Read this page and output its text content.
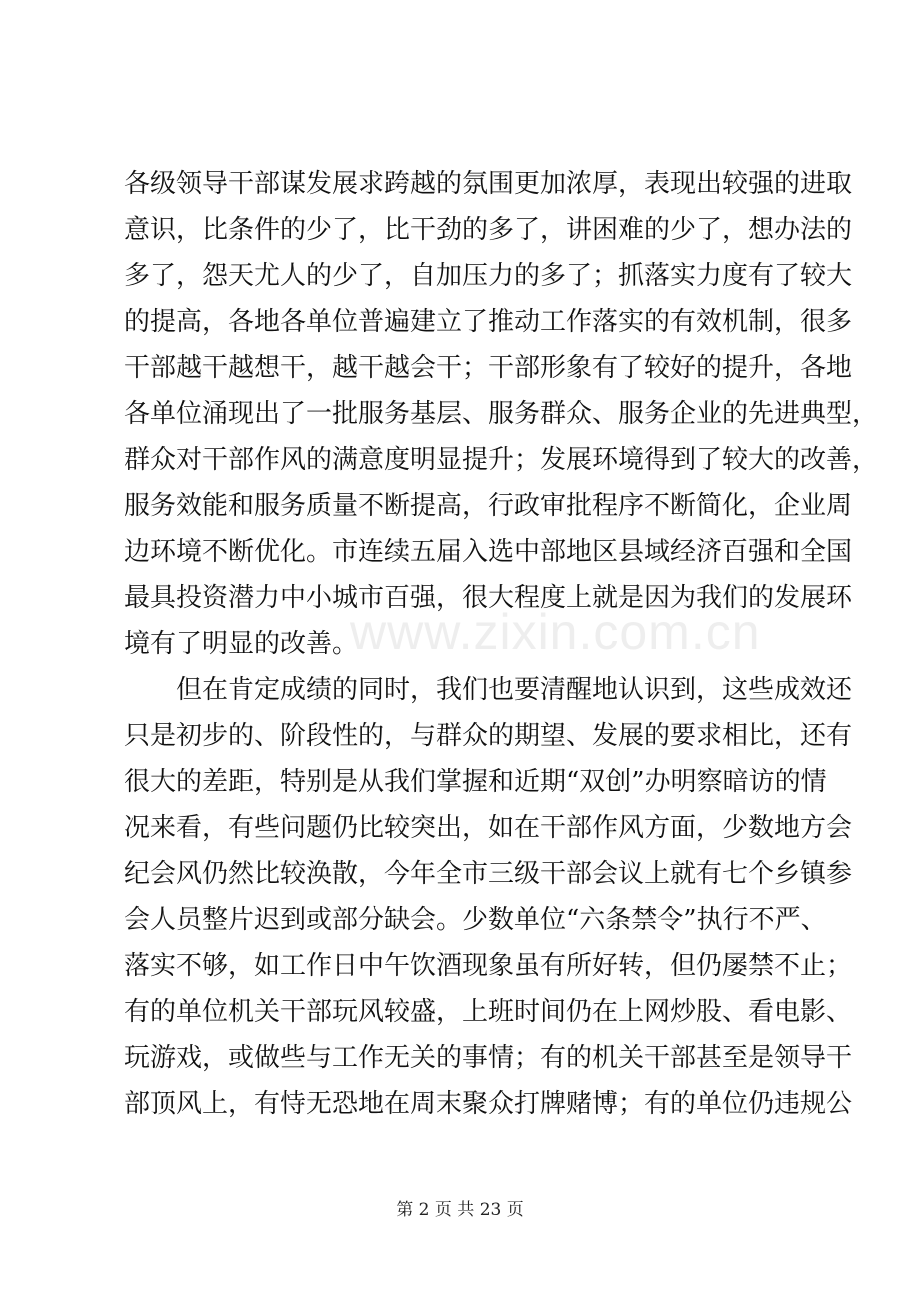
www.zixin.com.cn
各级领导干部谋发展求跨越的氛围更加浓厚，表现出较强的进取
意识，比条件的少了，比干劲的多了，讲困难的少了，想办法的
多了，怨天尤人的少了，自加压力的多了；抓落实力度有了较大
的提高，各地各单位普遍建立了推动工作落实的有效机制，很多
干部越干越想干，越干越会干；干部形象有了较好的提升，各地
各单位涌现出了一批服务基层、服务群众、服务企业的先进典型，
群众对干部作风的满意度明显提升；发展环境得到了较大的改善，
服务效能和服务质量不断提高，行政审批程序不断简化，企业周
边环境不断优化。市连续五届入选中部地区县域经济百强和全国
最具投资潜力中小城市百强，很大程度上就是因为我们的发展环
境有了明显的改善。
　　但在肯定成绩的同时，我们也要清醒地认识到，这些成效还
只是初步的、阶段性的，与群众的期望、发展的要求相比，还有
很大的差距，特别是从我们掌握和近期“双创”办明察暗访的情
况来看，有些问题仍比较突出，如在干部作风方面，少数地方会
纪会风仍然比较涣散，今年全市三级干部会议上就有七个乡镇参
会人员整片迟到或部分缺会。少数单位“六条禁令”执行不严、
落实不够，如工作日中午饮酒现象虽有所好转，但仍屡禁不止；
有的单位机关干部玩风较盛，上班时间仍在上网炒股、看电影、
玩游戏，或做些与工作无关的事情；有的机关干部甚至是领导干
部顶风上，有恃无恐地在周末聚众打牌赌博；有的单位仍违规公
第 2 页 共 23 页
